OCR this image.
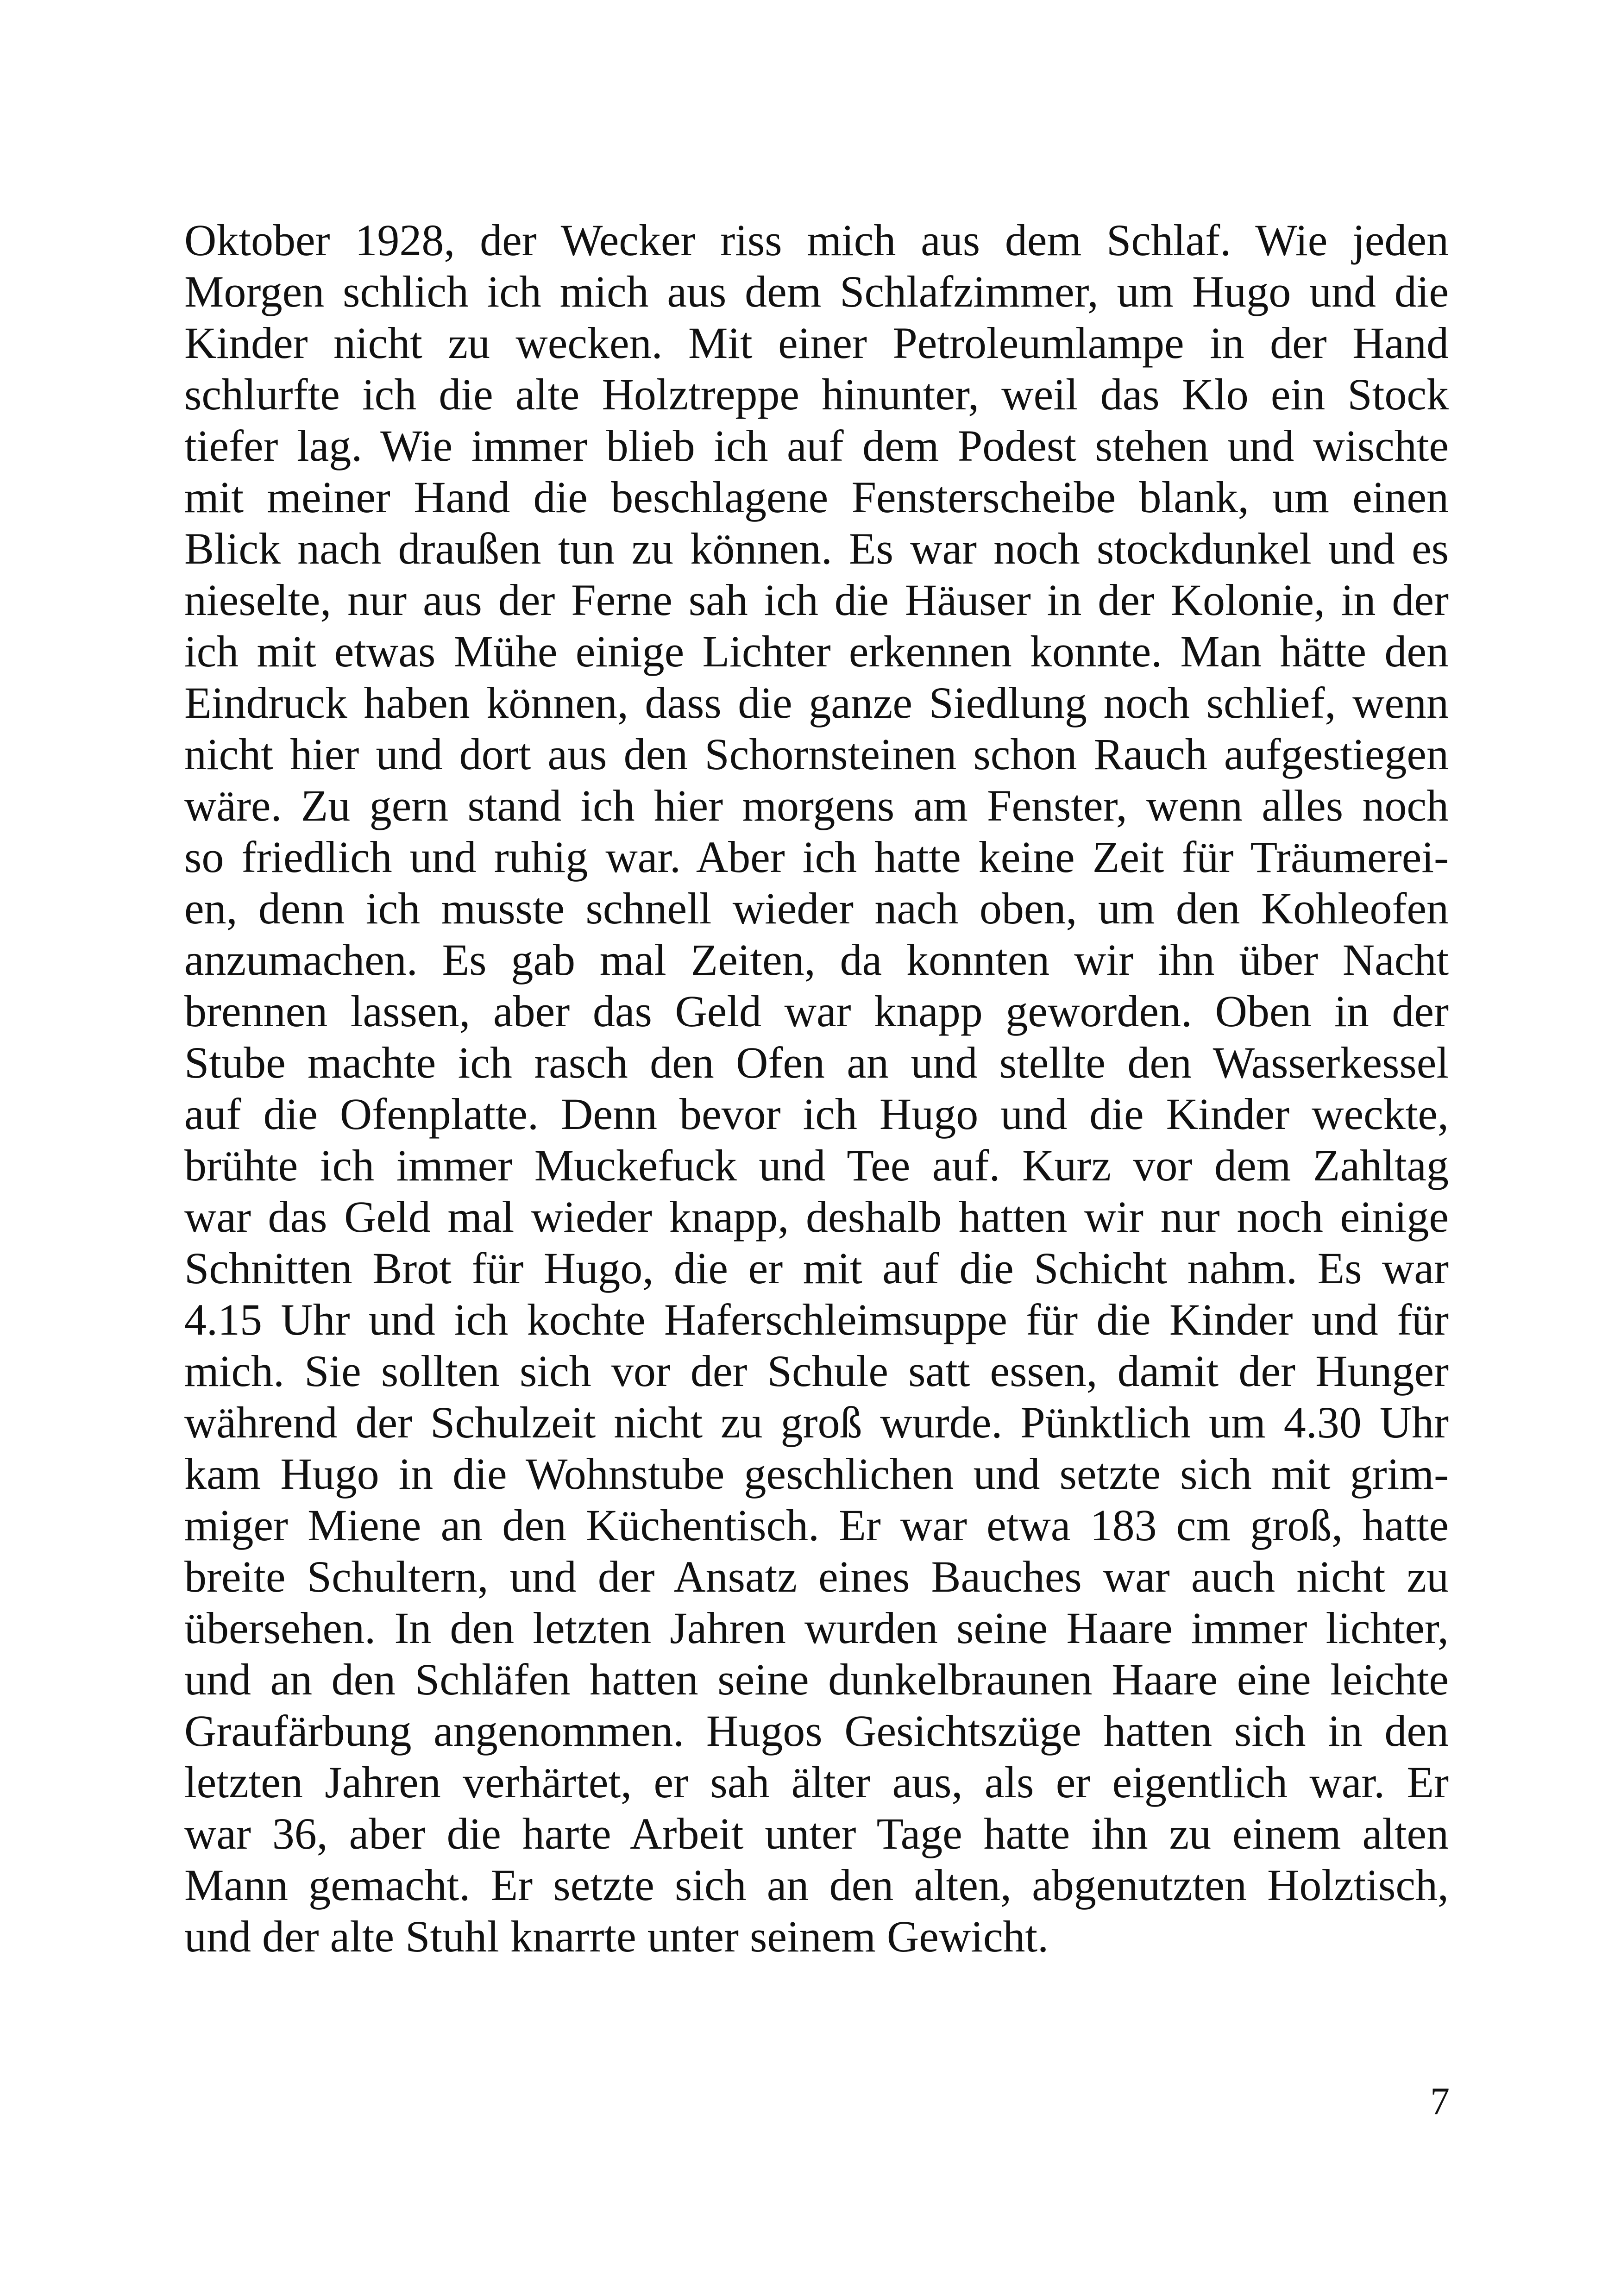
Oktober 1928, der Wecker riss mich aus dem Schlaf. Wie jeden
Morgen schlich ich mich aus dem Schlafzimmer, um Hugo und die
Kinder nicht zu wecken. Mit einer Petroleumlampe in der Hand
schlurfte ich die alte Holztreppe hinunter, weil das Klo ein Stock
tiefer lag. Wie immer blieb ich auf dem Podest stehen und wischte
mit meiner Hand die beschlagene Fensterscheibe blank, um einen
Blick nach draußen tun zu können. Es war noch stockdunkel und es
nieselte, nur aus der Ferne sah ich die Häuser in der Kolonie, in der
ich mit etwas Mühe einige Lichter erkennen konnte. Man hätte den
Eindruck haben können, dass die ganze Siedlung noch schlief, wenn
nicht hier und dort aus den Schornsteinen schon Rauch aufgestiegen
wäre. Zu gern stand ich hier morgens am Fenster, wenn alles noch
so friedlich und ruhig war. Aber ich hatte keine Zeit für Träumerei-
en, denn ich musste schnell wieder nach oben, um den Kohleofen
anzumachen. Es gab mal Zeiten, da konnten wir ihn über Nacht
brennen lassen, aber das Geld war knapp geworden. Oben in der
Stube machte ich rasch den Ofen an und stellte den Wasserkessel
auf die Ofenplatte. Denn bevor ich Hugo und die Kinder weckte,
brühte ich immer Muckefuck und Tee auf. Kurz vor dem Zahltag
war das Geld mal wieder knapp, deshalb hatten wir nur noch einige
Schnitten Brot für Hugo, die er mit auf die Schicht nahm. Es war
4.15 Uhr und ich kochte Haferschleimsuppe für die Kinder und für
mich. Sie sollten sich vor der Schule satt essen, damit der Hunger
während der Schulzeit nicht zu groß wurde. Pünktlich um 4.30 Uhr
kam Hugo in die Wohnstube geschlichen und setzte sich mit grim-
miger Miene an den Küchentisch. Er war etwa 183 cm groß, hatte
breite Schultern, und der Ansatz eines Bauches war auch nicht zu
übersehen. In den letzten Jahren wurden seine Haare immer lichter,
und an den Schläfen hatten seine dunkelbraunen Haare eine leichte
Graufärbung angenommen. Hugos Gesichtszüge hatten sich in den
letzten Jahren verhärtet, er sah älter aus, als er eigentlich war. Er
war 36, aber die harte Arbeit unter Tage hatte ihn zu einem alten
Mann gemacht. Er setzte sich an den alten, abgenutzten Holztisch,
und der alte Stuhl knarrte unter seinem Gewicht.
7
